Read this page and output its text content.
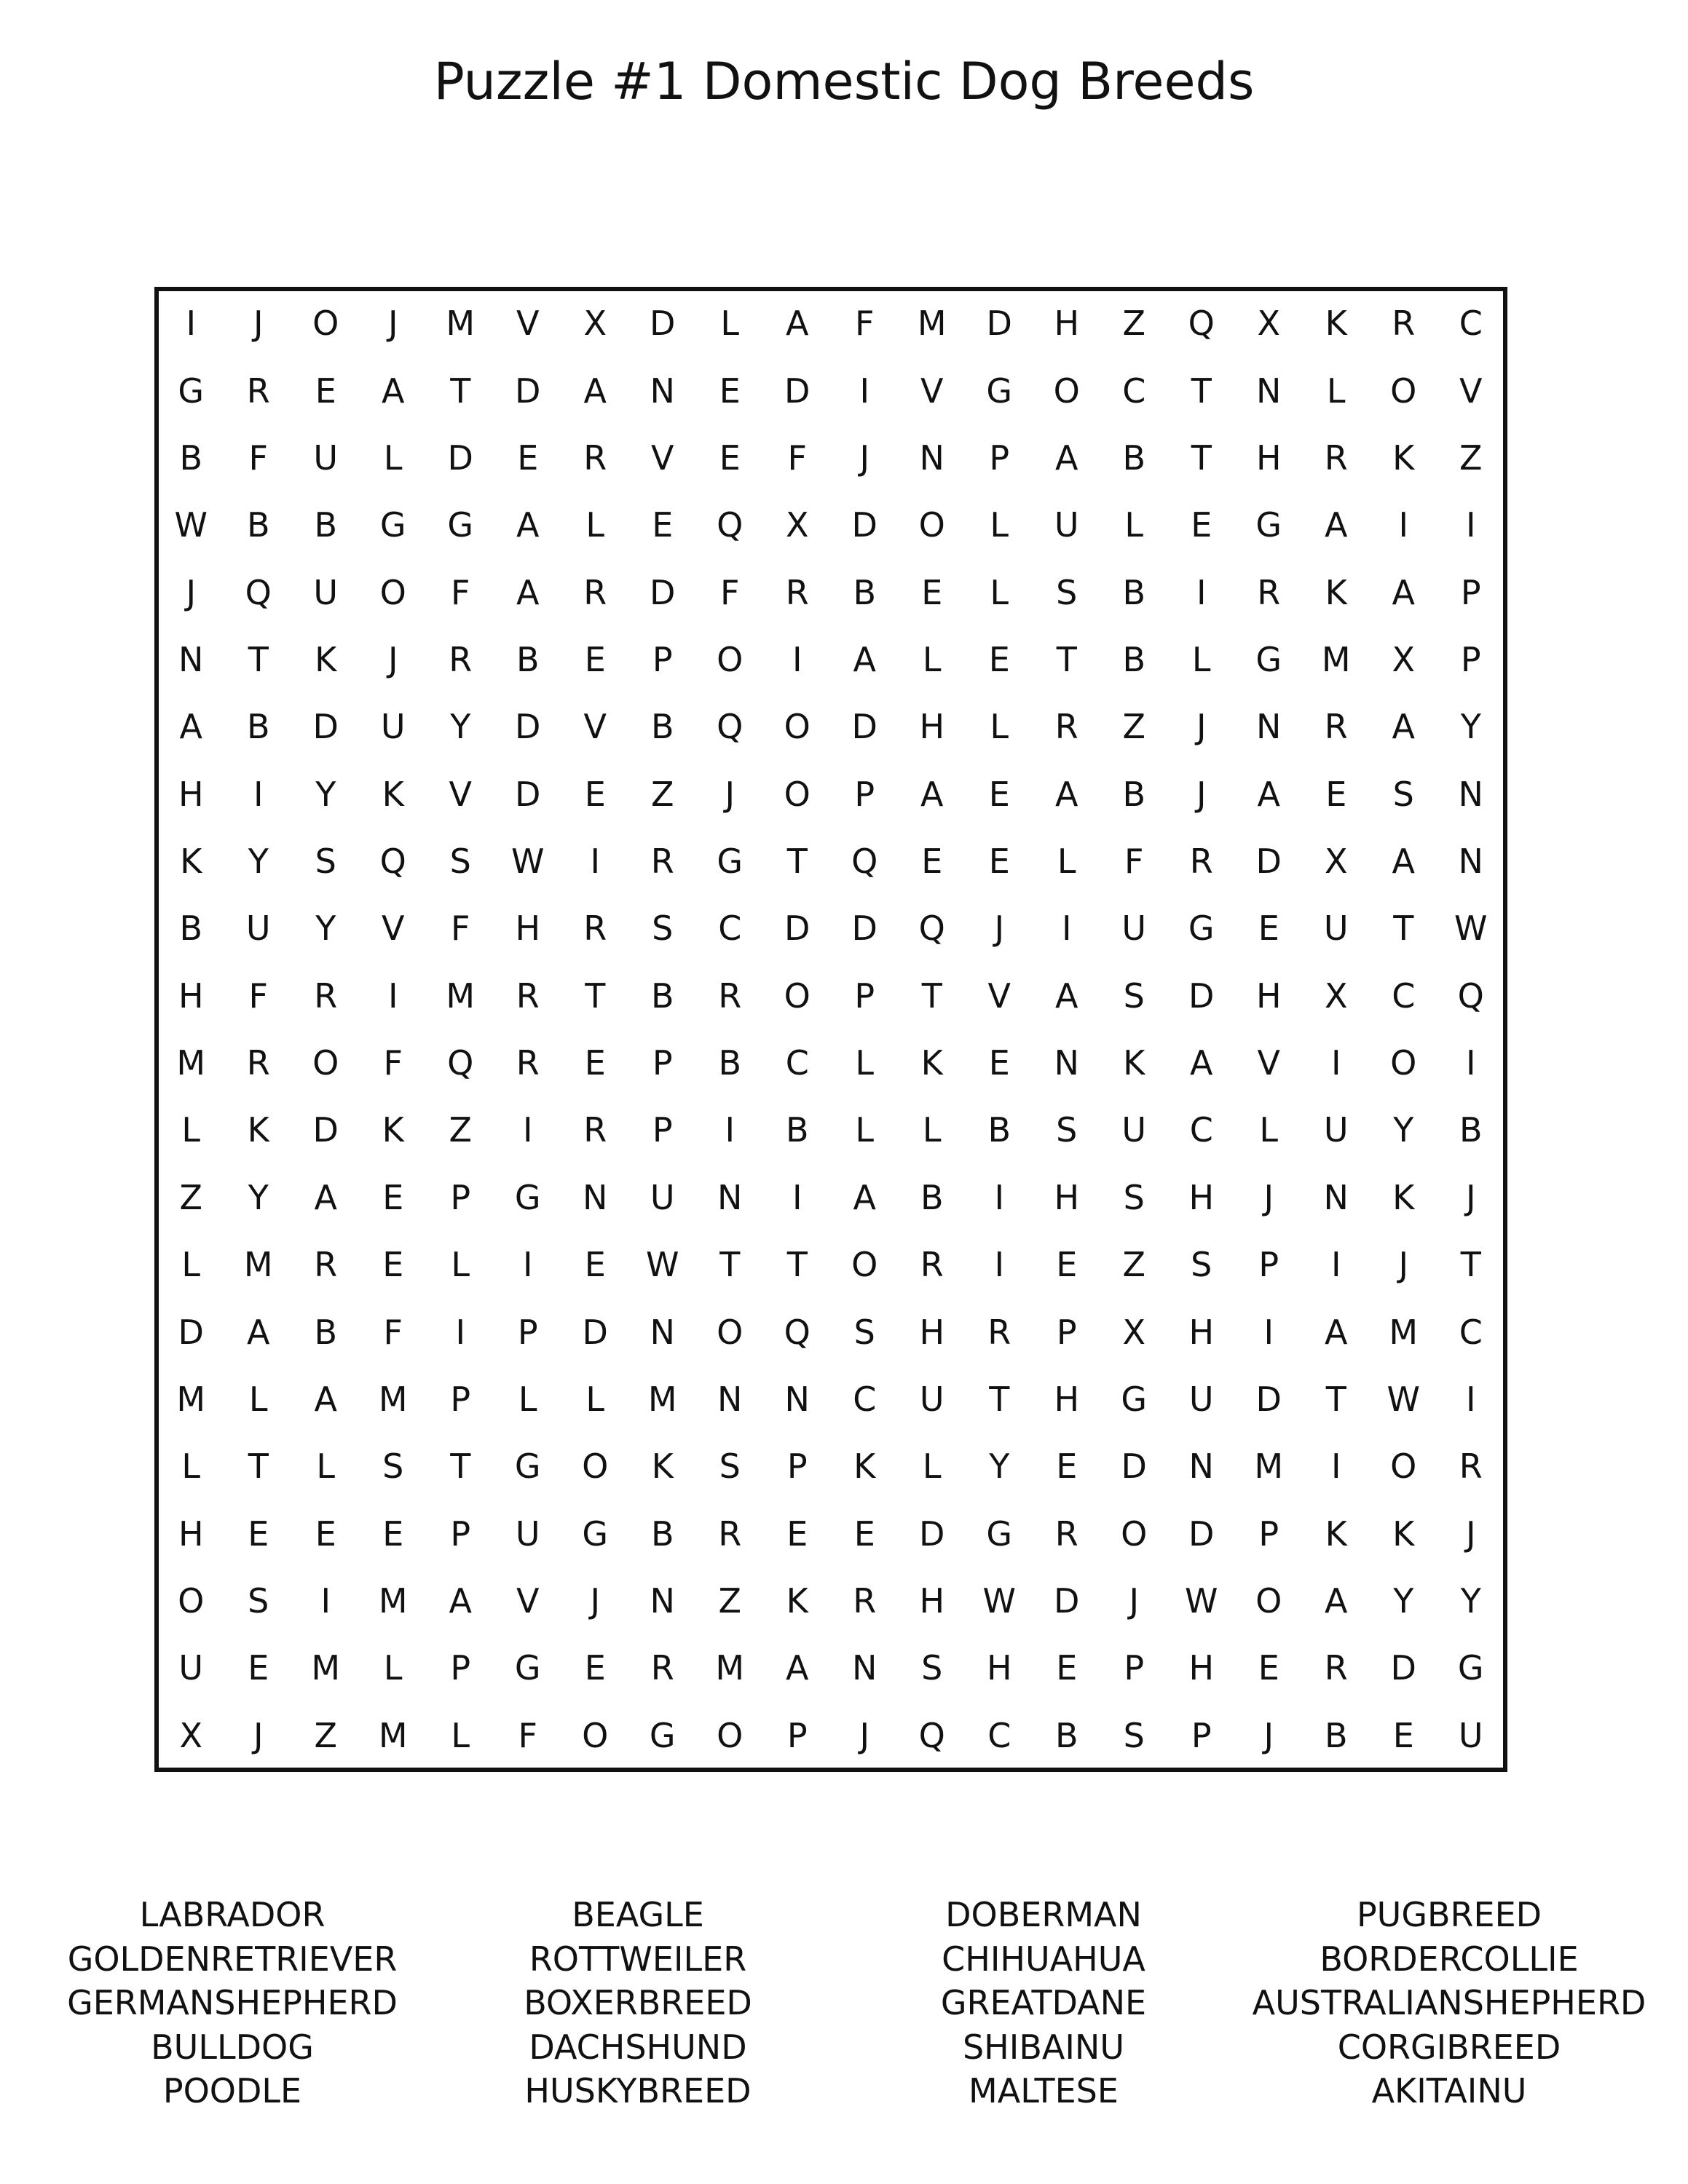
Puzzle #1 Domestic Dog Breeds
I	J	O	J	M	V	X	D	L	A	F	M	D	H	Z	Q	X	K	R	C
G	R	E	A	T	D	A	N	E	D	I	V	G	O	C	T	N	L	O	V
B	F	U	L	D	E	R	V	E	F	J	N	P	A	B	T	H	R	K	Z
W	B	B	G	G	A	L	E	Q	X	D	O	L	U	L	E	G	A	I	I
J	Q	U	O	F	A	R	D	F	R	B	E	L	S	B	I	R	K	A	P
N	T	K	J	R	B	E	P	O	I	A	L	E	T	B	L	G	M	X	P
A	B	D	U	Y	D	V	B	Q	O	D	H	L	R	Z	J	N	R	A	Y
H	I	Y	K	V	D	E	Z	J	O	P	A	E	A	B	J	A	E	S	N
K	Y	S	Q	S	W	I	R	G	T	Q	E	E	L	F	R	D	X	A	N
B	U	Y	V	F	H	R	S	C	D	D	Q	J	I	U	G	E	U	T	W
H	F	R	I	M	R	T	B	R	O	P	T	V	A	S	D	H	X	C	Q
M	R	O	F	Q	R	E	P	B	C	L	K	E	N	K	A	V	I	O	I
L	K	D	K	Z	I	R	P	I	B	L	L	B	S	U	C	L	U	Y	B
Z	Y	A	E	P	G	N	U	N	I	A	B	I	H	S	H	J	N	K	J
L	M	R	E	L	I	E	W	T	T	O	R	I	E	Z	S	P	I	J	T
D	A	B	F	I	P	D	N	O	Q	S	H	R	P	X	H	I	A	M	C
M	L	A	M	P	L	L	M	N	N	C	U	T	H	G	U	D	T	W	I
L	T	L	S	T	G	O	K	S	P	K	L	Y	E	D	N	M	I	O	R
H	E	E	E	P	U	G	B	R	E	E	D	G	R	O	D	P	K	K	J
O	S	I	M	A	V	J	N	Z	K	R	H	W	D	J	W	O	A	Y	Y
U	E	M	L	P	G	E	R	M	A	N	S	H	E	P	H	E	R	D	G
X	J	Z	M	L	F	O	G	O	P	J	Q	C	B	S	P	J	B	E	U
LABRADOR
GOLDENRETRIEVER
GERMANSHEPHERD
BULLDOG
POODLE
BEAGLE
ROTTWEILER
BOXERBREED
DACHSHUND
HUSKYBREED
DOBERMAN
CHIHUAHUA
GREATDANE
SHIBAINU
MALTESE
PUGBREED
BORDERCOLLIE
AUSTRALIANSHEPHERD
CORGIBREED
AKITAINU
